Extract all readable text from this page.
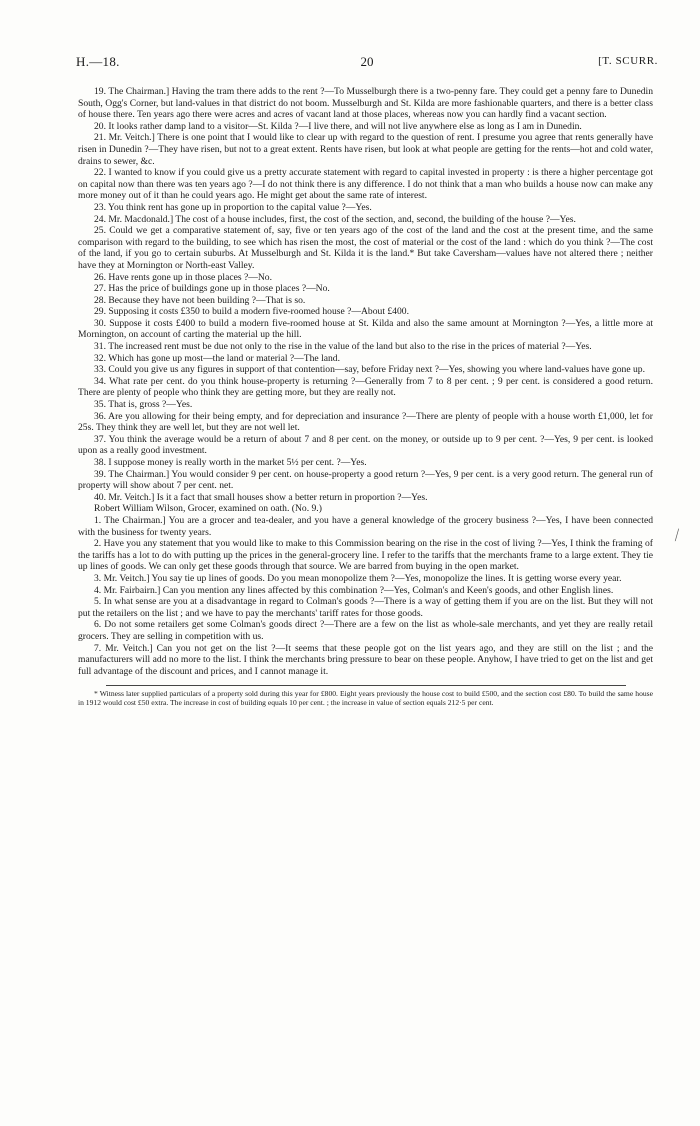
H.—18.	20	[T. SCURR.

19. The Chairman.] Having the tram there adds to the rent ?—To Musselburgh there is a two-penny fare. They could get a penny fare to Dunedin South, Ogg's Corner, but land-values in that district do not boom. Musselburgh and St. Kilda are more fashionable quarters, and there is a better class of house there. Ten years ago there were acres and acres of vacant land at those places, whereas now you can hardly find a vacant section.

20. It looks rather damp land to a visitor—St. Kilda ?—I live there, and will not live anywhere else as long as I am in Dunedin.

21. Mr. Veitch.] There is one point that I would like to clear up with regard to the question of rent. I presume you agree that rents generally have risen in Dunedin ?—They have risen, but not to a great extent. Rents have risen, but look at what people are getting for the rents—hot and cold water, drains to sewer, &c.

22. I wanted to know if you could give us a pretty accurate statement with regard to capital invested in property : is there a higher percentage got on capital now than there was ten years ago ?—I do not think there is any difference. I do not think that a man who builds a house now can make any more money out of it than he could years ago. He might get about the same rate of interest.

23. You think rent has gone up in proportion to the capital value ?—Yes.

24. Mr. Macdonald.] The cost of a house includes, first, the cost of the section, and, second, the building of the house ?—Yes.

25. Could we get a comparative statement of, say, five or ten years ago of the cost of the land and the cost at the present time, and the same comparison with regard to the building, to see which has risen the most, the cost of material or the cost of the land : which do you think ?—The cost of the land, if you go to certain suburbs. At Musselburgh and St. Kilda it is the land.* But take Caversham—values have not altered there ; neither have they at Mornington or North-east Valley.

26. Have rents gone up in those places ?—No.

27. Has the price of buildings gone up in those places ?—No.

28. Because they have not been building ?—That is so.

29. Supposing it costs £350 to build a modern five-roomed house ?—About £400.

30. Suppose it costs £400 to build a modern five-roomed house at St. Kilda and also the same amount at Mornington ?—Yes, a little more at Mornington, on account of carting the material up the hill.

31. The increased rent must be due not only to the rise in the value of the land but also to the rise in the prices of material ?—Yes.

32. Which has gone up most—the land or material ?—The land.

33. Could you give us any figures in support of that contention—say, before Friday next ?—Yes, showing you where land-values have gone up.

34. What rate per cent. do you think house-property is returning ?—Generally from 7 to 8 per cent. ; 9 per cent. is considered a good return. There are plenty of people who think they are getting more, but they are really not.

35. That is, gross ?—Yes.

36. Are you allowing for their being empty, and for depreciation and insurance ?—There are plenty of people with a house worth £1,000, let for 25s. They think they are well let, but they are not well let.

37. You think the average would be a return of about 7 and 8 per cent. on the money, or outside up to 9 per cent. ?—Yes, 9 per cent. is looked upon as a really good investment.

38. I suppose money is really worth in the market 5½ per cent. ?—Yes.

39. The Chairman.] You would consider 9 per cent. on house-property a good return ?—Yes, 9 per cent. is a very good return. The general run of property will show about 7 per cent. net.

40. Mr. Veitch.] Is it a fact that small houses show a better return in proportion ?—Yes.

Robert William Wilson, Grocer, examined on oath. (No. 9.)

1. The Chairman.] You are a grocer and tea-dealer, and you have a general knowledge of the grocery business ?—Yes, I have been connected with the business for twenty years.

2. Have you any statement that you would like to make to this Commission bearing on the rise in the cost of living ?—Yes, I think the framing of the tariffs has a lot to do with putting up the prices in the general-grocery line. I refer to the tariffs that the merchants frame to a large extent. They tie up lines of goods. We can only get these goods through that source. We are barred from buying in the open market.

3. Mr. Veitch.] You say tie up lines of goods. Do you mean monopolize them ?—Yes, monopolize the lines. It is getting worse every year.

4. Mr. Fairbairn.] Can you mention any lines affected by this combination ?—Yes, Colman's and Keen's goods, and other English lines.

5. In what sense are you at a disadvantage in regard to Colman's goods ?—There is a way of getting them if you are on the list. But they will not put the retailers on the list ; and we have to pay the merchants' tariff rates for those goods.

6. Do not some retailers get some Colman's goods direct ?—There are a few on the list as whole-sale merchants, and yet they are really retail grocers. They are selling in competition with us.

7. Mr. Veitch.] Can you not get on the list ?—It seems that these people got on the list years ago, and they are still on the list ; and the manufacturers will add no more to the list. I think the merchants bring pressure to bear on these people. Anyhow, I have tried to get on the list and get full advantage of the discount and prices, and I cannot manage it.

* Witness later supplied particulars of a property sold during this year for £800. Eight years previously the house cost to build £500, and the section cost £80. To build the same house in 1912 would cost £50 extra. The increase in cost of building equals 10 per cent. ; the increase in value of section equals 212·5 per cent.

⁄
